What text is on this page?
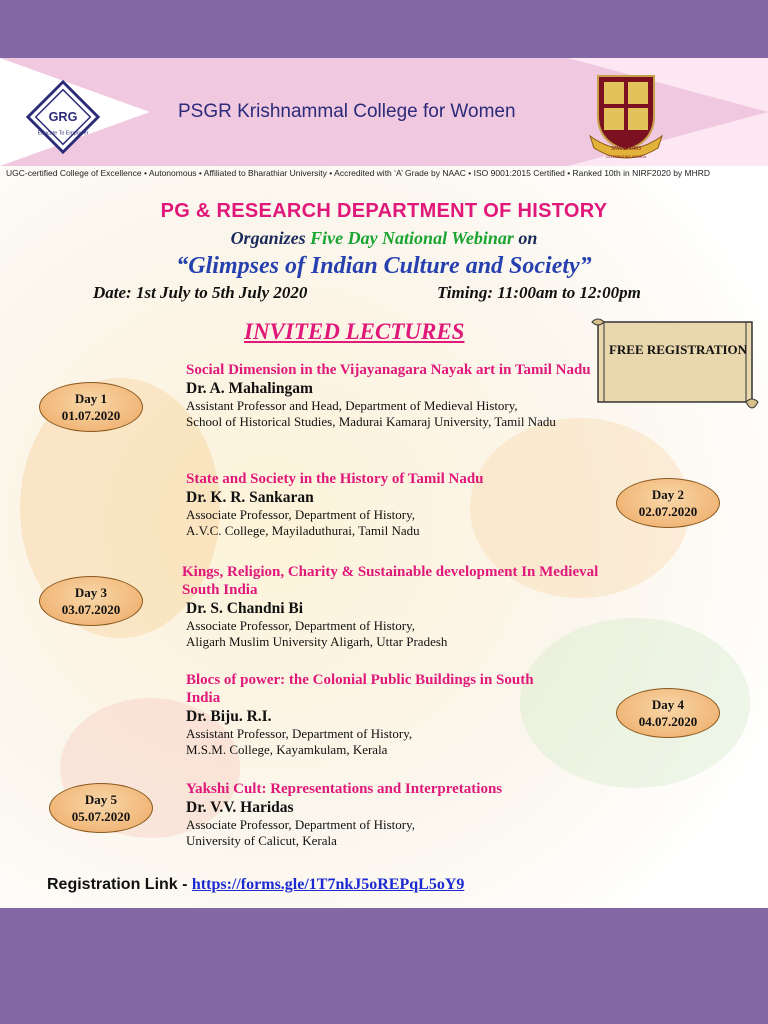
GRG
Educate To Empower
PSGR Krishnammal College for Women
SINCE 1963
CELEBRATING WOMEN
UGC-certified College of Excellence • Autonomous • Affiliated to Bharathiar University • Accredited with ‘A’ Grade by NAAC • ISO 9001:2015 Certified • Ranked 10th in NIRF2020 by MHRD
PG & RESEARCH DEPARTMENT OF HISTORY
Organizes Five Day National Webinar on
“Glimpses of Indian Culture and Society”
Date: 1st July to 5th July 2020	Timing: 11:00am to 12:00pm
INVITED LECTURES
FREE REGISTRATION
Day 1
01.07.2020
Day 2
02.07.2020
Day 3
03.07.2020
Day 4
04.07.2020
Day 5
05.07.2020
Social Dimension in the Vijayanagara Nayak art in Tamil Nadu
Dr. A. Mahalingam
Assistant Professor and Head, Department of Medieval History,
School of Historical Studies, Madurai Kamaraj University, Tamil Nadu
State and Society in the History of Tamil Nadu
Dr. K. R. Sankaran
Associate Professor, Department of History,
A.V.C. College, Mayiladuthurai, Tamil Nadu
Kings, Religion, Charity & Sustainable development In Medieval South India
Dr. S. Chandni Bi
Associate Professor, Department of History,
Aligarh Muslim University Aligarh, Uttar Pradesh
Blocs of power: the Colonial Public Buildings in South India
Dr. Biju. R.I.
Assistant Professor, Department of History,
M.S.M. College, Kayamkulam, Kerala
Yakshi Cult: Representations and Interpretations
Dr. V.V. Haridas
Associate Professor, Department of History,
University of Calicut, Kerala
Registration Link - https://forms.gle/1T7nkJ5oREPqL5oY9
